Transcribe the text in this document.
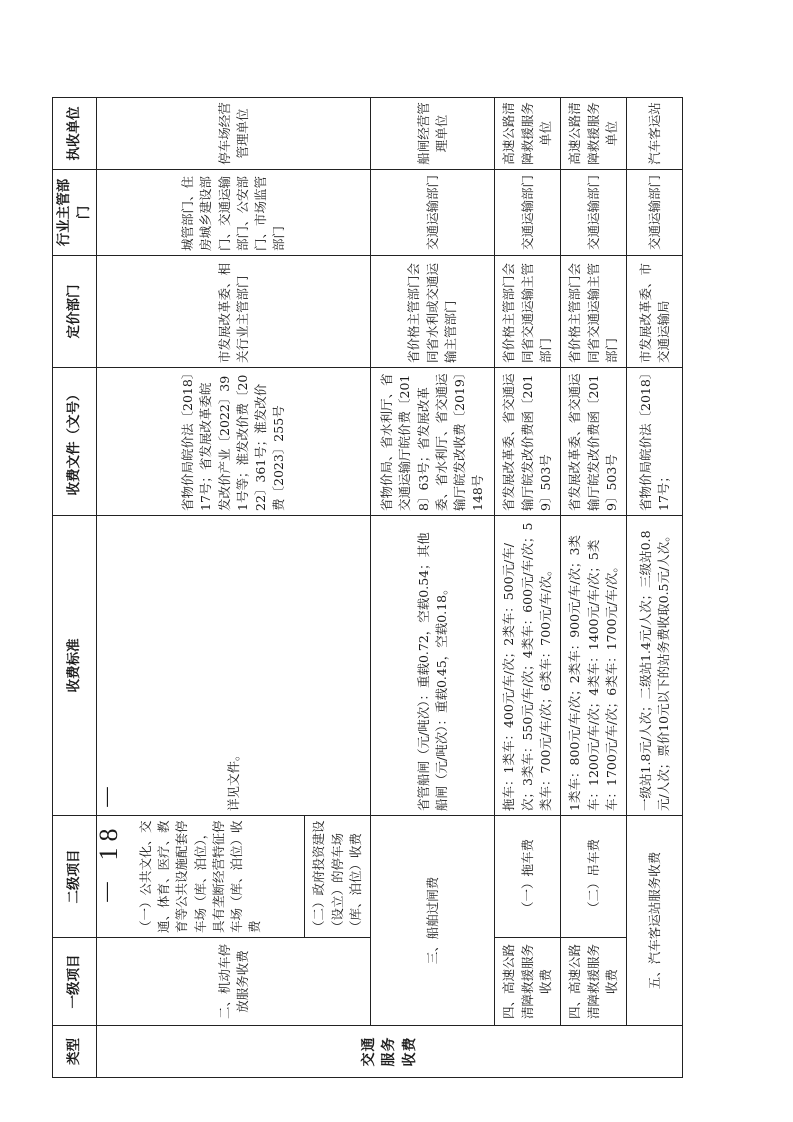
类型	一级项目	二级项目	收费标准	收费文件（文号）	定价部门	行业主管部门	执收单位
交通服务收费	二、机动车停放服务收费	（一）公共文化、交通、体育、医疗、教育等公共设施配套停车场（库、泊位），具有垄断经营特征停车场（库、泊位）收费	详见文件。	省物价局皖价法〔2018〕17号；省发展改革委皖发改价产业〔2022〕391号等；淮发改价费〔2022〕361号；淮发改价费〔2023〕255号	市发展改革委、相关行业主管部门	城管部门、住房城乡建设部门、交通运输部门、公安部门、市场监管部门	停车场经营管理单位
		（二）政府投资建设（设立）的停车场（库、泊位）收费					
	三、船舶过闸费		省管船闸（元/吨次）：重载0.72，空载0.54；其他船闸（元/吨次）：重载0.45，空载0.18。	省物价局、省水利厅、省交通运输厅皖价费〔2018〕63号；省发展改革委、省水利厅、省交通运输厅皖发改收费〔2019〕148号	省价格主管部门会同省水利或交通运输主管部门	交通运输部门	船闸经营管理单位
	四、高速公路清障救援服务收费	（一）拖车费	拖车：1类车：400元/车/次；2类车：500元/车/次；3类车：550元/车/次；4类车：600元/车/次；5类车：700元/车/次；6类车：700元/车/次。	省发展改革委、省交通运输厅皖发改价费函〔2019〕503号	省价格主管部门会同省交通运输主管部门	交通运输部门	高速公路清障救援服务单位
	四、高速公路清障救援服务收费	（二）吊车费	1类车：800元/车/次；2类车：900元/车/次；3类车：1200元/车/次；4类车：1400元/车/次；5类车：1700元/车/次；6类车：1700元/车/次。	省发展改革委、省交通运输厅皖发改价费函〔2019〕503号	省价格主管部门会同省交通运输主管部门	交通运输部门	高速公路清障救援服务单位
	五、汽车客运站服务收费		一级站1.8元/人次；二级站1.4元/人次；三级站0.8元/人次；票价10元以下的站务费收取0.5元/人次。	省物价局皖价法〔2018〕17号；	市发展改革委、市交通运输局	交通运输部门	汽车客运站
－ 18 －
